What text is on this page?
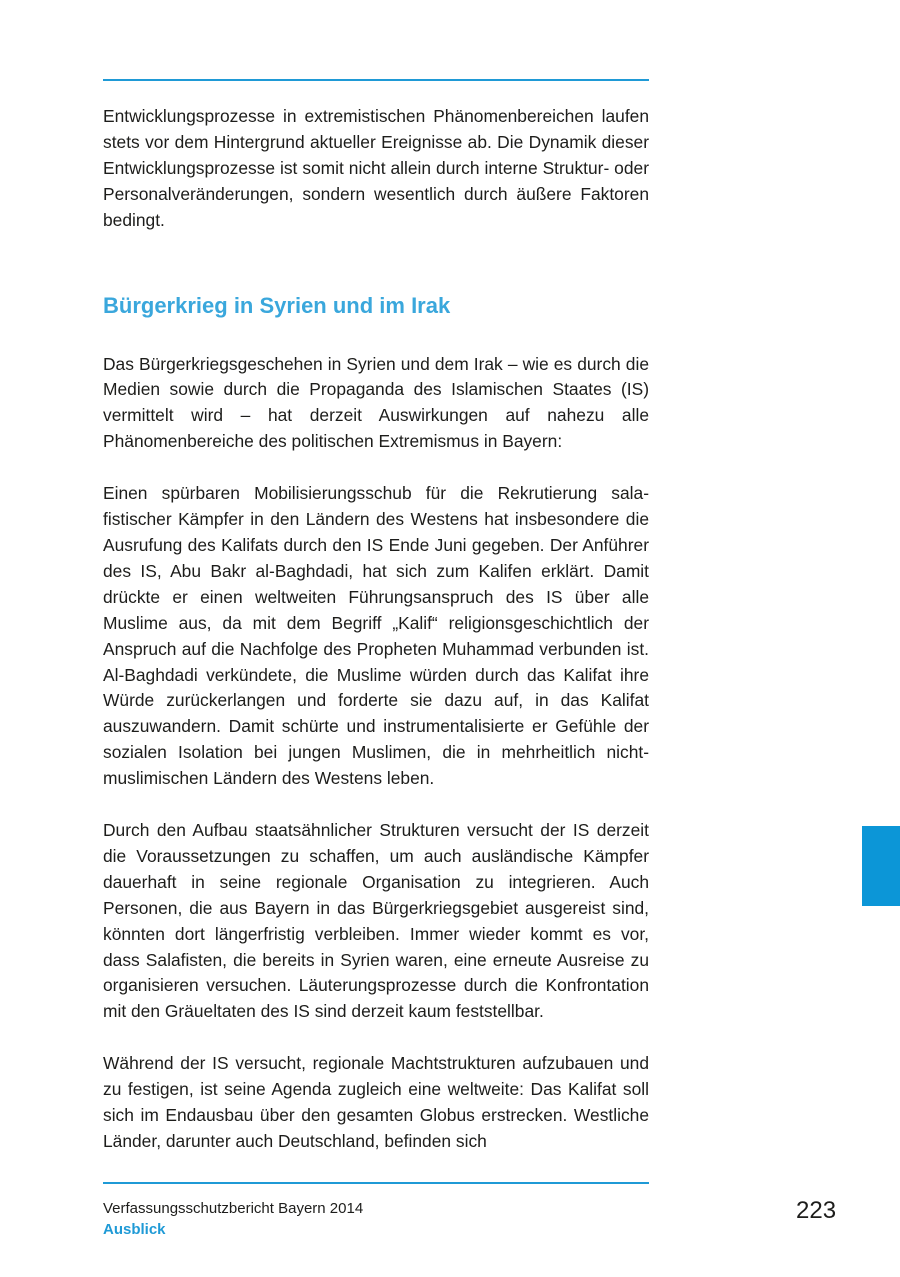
Entwicklungsprozesse in extremistischen Phänomenbereichen laufen stets vor dem Hintergrund aktueller Ereignisse ab. Die Dynamik dieser Entwicklungsprozesse ist somit nicht allein durch interne Struktur- oder Personalveränderungen, sondern wesentlich durch äußere Faktoren bedingt.

Bürgerkrieg in Syrien und im Irak

Das Bürgerkriegsgeschehen in Syrien und dem Irak – wie es durch die Medien sowie durch die Propaganda des Islamischen Staates (IS) vermittelt wird – hat derzeit Auswirkungen auf nahezu alle Phänomenbereiche des politischen Extremismus in Bayern:

Einen spürbaren Mobilisierungsschub für die Rekrutierung salafistischer Kämpfer in den Ländern des Westens hat insbesondere die Ausrufung des Kalifats durch den IS Ende Juni gegeben. Der Anführer des IS, Abu Bakr al-Baghdadi, hat sich zum Kalifen erklärt. Damit drückte er einen weltweiten Führungsanspruch des IS über alle Muslime aus, da mit dem Begriff „Kalif“ religionsgeschichtlich der Anspruch auf die Nachfolge des Propheten Muhammad verbunden ist. Al-Baghdadi verkündete, die Muslime würden durch das Kalifat ihre Würde zurückerlangen und forderte sie dazu auf, in das Kalifat auszuwandern. Damit schürte und instrumentalisierte er Gefühle der sozialen Isolation bei jungen Muslimen, die in mehrheitlich nicht-muslimischen Ländern des Westens leben.

Durch den Aufbau staatsähnlicher Strukturen versucht der IS derzeit die Voraussetzungen zu schaffen, um auch ausländische Kämpfer dauerhaft in seine regionale Organisation zu integrieren. Auch Personen, die aus Bayern in das Bürgerkriegsgebiet ausgereist sind, könnten dort längerfristig verbleiben. Immer wieder kommt es vor, dass Salafisten, die bereits in Syrien waren, eine erneute Ausreise zu organisieren versuchen. Läuterungsprozesse durch die Konfrontation mit den Gräueltaten des IS sind derzeit kaum feststellbar.

Während der IS versucht, regionale Machtstrukturen aufzubauen und zu festigen, ist seine Agenda zugleich eine weltweite: Das Kalifat soll sich im Endausbau über den gesamten Globus erstrecken. Westliche Länder, darunter auch Deutschland, befinden sich

Verfassungsschutzbericht Bayern 2014
Ausblick
223
